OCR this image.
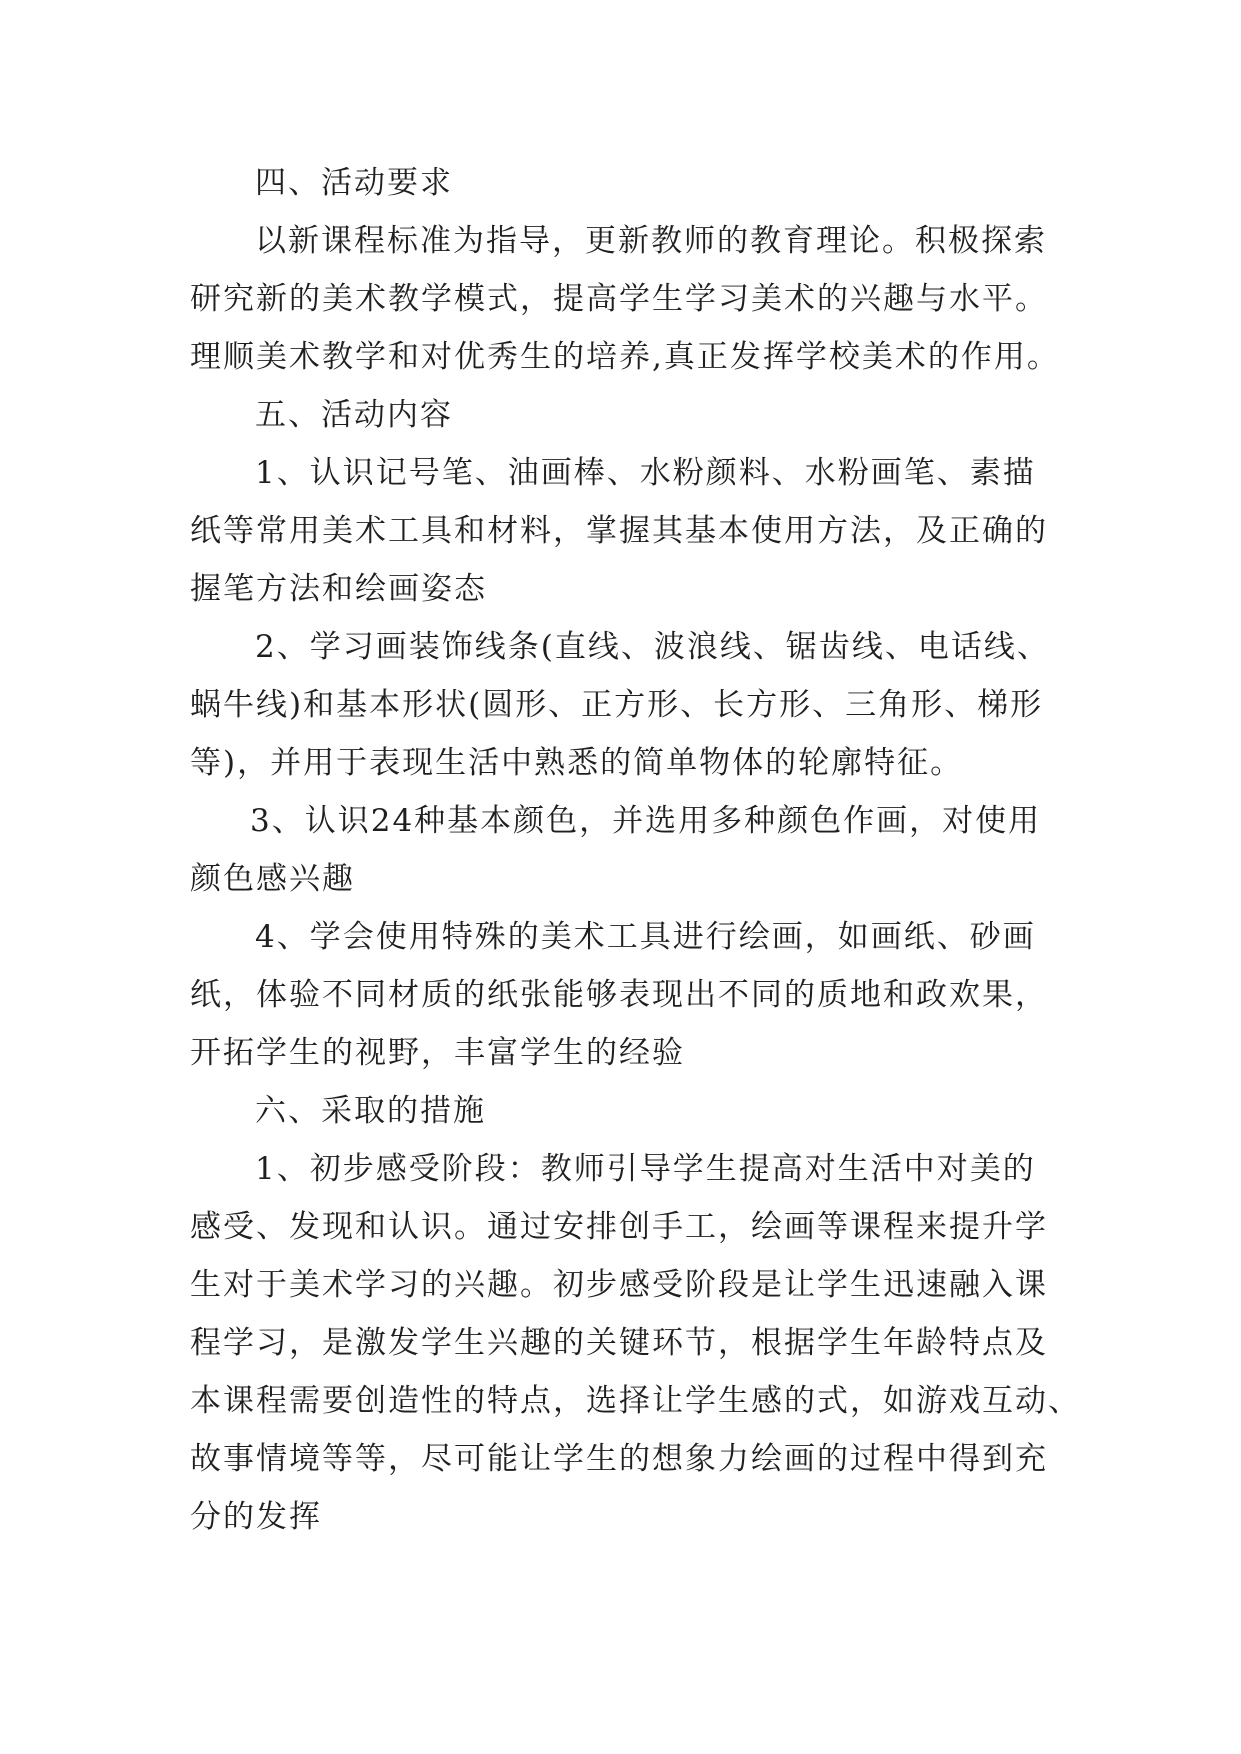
四、活动要求
以新课程标准为指导，更新教师的教育理论。积极探索
研究新的美术教学模式，提高学生学习美术的兴趣与水平。
理顺美术教学和对优秀生的培养,真正发挥学校美术的作用。
五、活动内容
1、认识记号笔、油画棒、水粉颜料、水粉画笔、素描
纸等常用美术工具和材料，掌握其基本使用方法，及正确的
握笔方法和绘画姿态
2、学习画装饰线条(直线、波浪线、锯齿线、电话线、
蜗牛线)和基本形状(圆形、正方形、长方形、三角形、梯形
等)，并用于表现生活中熟悉的简单物体的轮廓特征。
3、认识24种基本颜色，并选用多种颜色作画，对使用
颜色感兴趣
4、学会使用特殊的美术工具进行绘画，如画纸、砂画
纸，体验不同材质的纸张能够表现出不同的质地和政欢果，
开拓学生的视野，丰富学生的经验
六、采取的措施
1、初步感受阶段：教师引导学生提高对生活中对美的
感受、发现和认识。通过安排创手工，绘画等课程来提升学
生对于美术学习的兴趣。初步感受阶段是让学生迅速融入课
程学习，是激发学生兴趣的关键环节，根据学生年龄特点及
本课程需要创造性的特点，选择让学生感的式，如游戏互动、
故事情境等等，尽可能让学生的想象力绘画的过程中得到充
分的发挥
